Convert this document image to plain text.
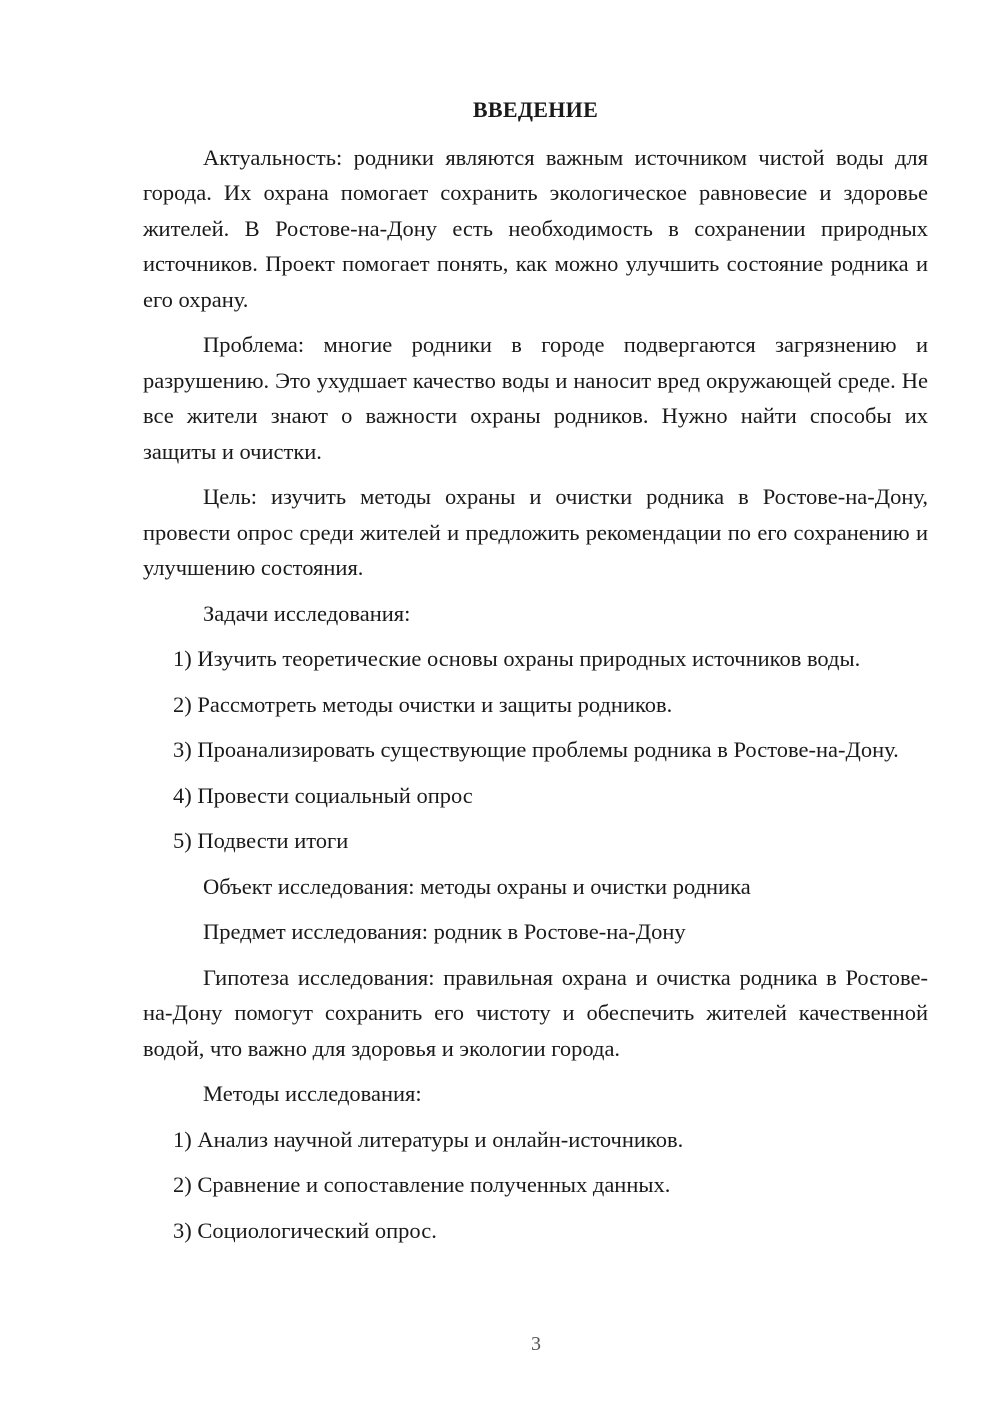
ВВЕДЕНИЕ

Актуальность: родники являются важным источником чистой воды для города. Их охрана помогает сохранить экологическое равновесие и здоровье жителей. В Ростове-на-Дону есть необходимость в сохранении природных источников. Проект помогает понять, как можно улучшить состояние родника и его охрану.

Проблема: многие родники в городе подвергаются загрязнению и разрушению. Это ухудшает качество воды и наносит вред окружающей среде. Не все жители знают о важности охраны родников. Нужно найти способы их защиты и очистки.

Цель: изучить методы охраны и очистки родника в Ростове-на-Дону, провести опрос среди жителей и предложить рекомендации по его сохранению и улучшению состояния.

Задачи исследования:

1) Изучить теоретические основы охраны природных источников воды.

2) Рассмотреть методы очистки и защиты родников.

3) Проанализировать существующие проблемы родника в Ростове-на-Дону.

4) Провести социальный опрос

5) Подвести итоги

Объект исследования: методы охраны и очистки родника

Предмет исследования: родник в Ростове-на-Дону

Гипотеза исследования: правильная охрана и очистка родника в Ростове-на-Дону помогут сохранить его чистоту и обеспечить жителей качественной водой, что важно для здоровья и экологии города.

Методы исследования:

1) Анализ научной литературы и онлайн-источников.

2) Сравнение и сопоставление полученных данных.

3) Социологический опрос.

3
